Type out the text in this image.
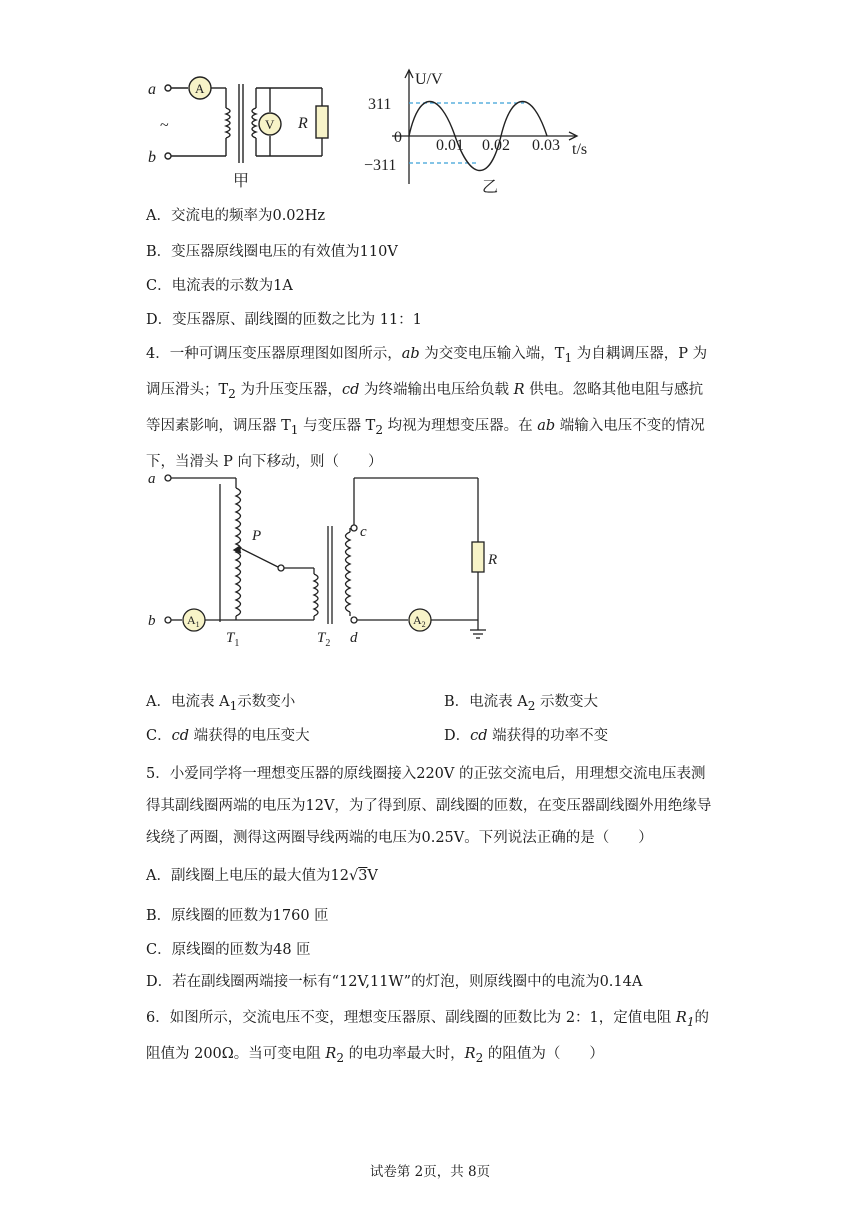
a
b
~
A
V R
甲
U/V
t/s
311
0
−311
0.01 0.02 0.03
乙
A．交流电的频率为0.02Hz
B．变压器原线圈电压的有效值为110V
C．电流表的示数为1A
D．变压器原、副线圈的匝数之比为 11：1
4．一种可调压变压器原理图如图所示，ab 为交变电压输入端，$T_1$ 为自耦调压器，P 为调压滑头；$T_2$ 为升压变压器，cd 为终端输出电压给负载 R 供电。忽略其他电阻与感抗等因素影响，调压器 $T_1$ 与变压器 $T_2$ 均视为理想变压器。在 ab 端输入电压不变的情况下，当滑头 P 向下移动，则（　　）
a
b
c
d
P
R
$T_1$	$T_2$
$A_1$	$A_2$
A．电流表 $A_1$示数变小	B．电流表 $A_2$ 示数变大
C．cd 端获得的电压变大	D．cd 端获得的功率不变
5．小爱同学将一理想变压器的原线圈接入220V 的正弦交流电后，用理想交流电压表测得其副线圈两端的电压为12V，为了得到原、副线圈的匝数，在变压器副线圈外用绝缘导线绕了两圈，测得这两圈导线两端的电压为0.25V。下列说法正确的是（　　）
A．副线圈上电压的最大值为12√3V
B．原线圈的匝数为1760 匝
C．原线圈的匝数为48 匝
D．若在副线圈两端接一标有“12V,11W”的灯泡，则原线圈中的电流为0.14A
6．如图所示，交流电压不变，理想变压器原、副线圈的匝数比为 2：1，定值电阻 $R_1$的阻值为 200Ω。当可变电阻 $R_2$ 的电功率最大时，$R_2$ 的阻值为（　　）
试卷第 2页，共 8页
